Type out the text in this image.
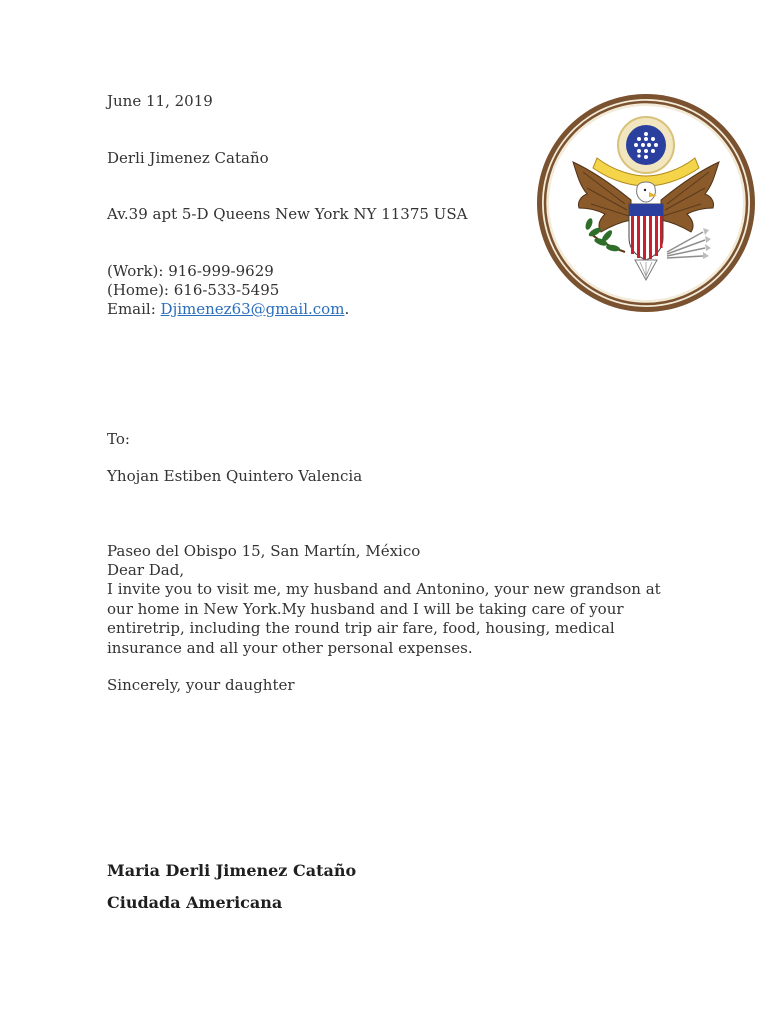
June 11, 2019
Derli Jimenez Cataño
Av.39 apt 5-D Queens New York NY 11375 USA
(Work): 916-999-9629
(Home): 616-533-5495
Email: Djimenez63@gmail.com.
To:
Yhojan Estiben Quintero Valencia
Paseo del Obispo 15, San Martín, México
Dear Dad,
I invite you to visit me, my husband and Antonino, your new grandson at our home in New York.My husband and I will be taking care of your entiretrip, including the round trip air fare, food, housing, medical insurance and all your other personal expenses.
Sincerely, your daughter
Maria Derli Jimenez Cataño
Ciudada Americana
